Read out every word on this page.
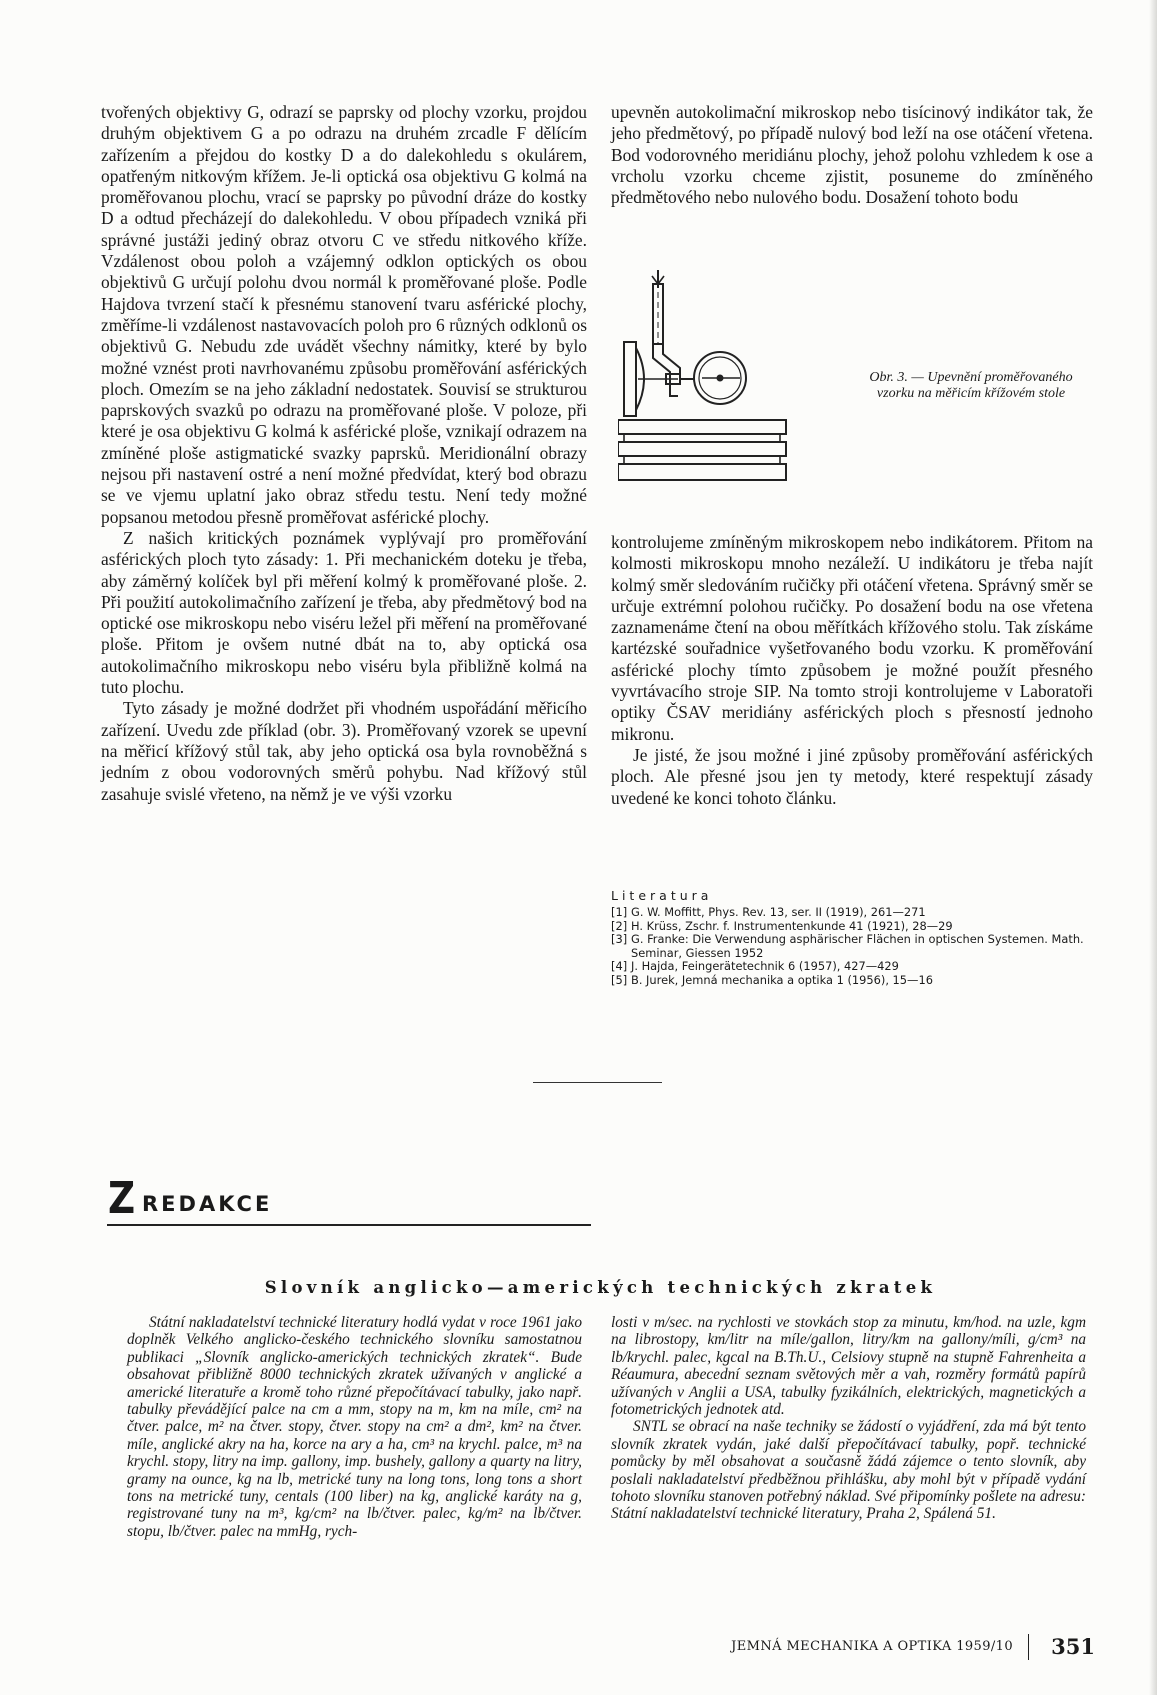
tvořených objektivy G, odrazí se paprsky od plochy vzorku, projdou druhým objektivem G a po odrazu na druhém zrcadle F dělícím zařízením a přejdou do kostky D a do dalekohledu s okulárem, opatřeným nitkovým křížem. Je-li optická osa objektivu G kolmá na proměřovanou plochu, vrací se paprsky po původní dráze do kostky D a odtud přecházejí do dalekohledu. V obou případech vzniká při správné justáži jediný obraz otvoru C ve středu nitkového kříže. Vzdálenost obou poloh a vzájemný odklon optických os obou objektivů G určují polohu dvou normál k proměřované ploše. Podle Hajdova tvrzení stačí k přesnému stanovení tvaru asférické plochy, změříme-li vzdálenost nastavovacích poloh pro 6 různých odklonů os objektivů G. Nebudu zde uvádět všechny námitky, které by bylo možné vznést proti navrhovanému způsobu proměřování asférických ploch. Omezím se na jeho základní nedostatek. Souvisí se strukturou paprskových svazků po odrazu na proměřované ploše. V poloze, při které je osa objektivu G kolmá k asférické ploše, vznikají odrazem na zmíněné ploše astigmatické svazky paprsků. Meridionální obrazy nejsou při nastavení ostré a není možné předvídat, který bod obrazu se ve vjemu uplatní jako obraz středu testu. Není tedy možné popsanou metodou přesně proměřovat asférické plochy.

Z našich kritických poznámek vyplývají pro proměřování asférických ploch tyto zásady: 1. Při mechanickém doteku je třeba, aby záměrný kolíček byl při měření kolmý k proměřované ploše. 2. Při použití autokolimačního zařízení je třeba, aby předmětový bod na optické ose mikroskopu nebo viséru ležel při měření na proměřované ploše. Přitom je ovšem nutné dbát na to, aby optická osa autokolimačního mikroskopu nebo viséru byla přibližně kolmá na tuto plochu.

Tyto zásady je možné dodržet při vhodném uspořádání měřicího zařízení. Uvedu zde příklad (obr. 3). Proměřovaný vzorek se upevní na měřicí křížový stůl tak, aby jeho optická osa byla rovnoběžná s jedním z obou vodorovných směrů pohybu. Nad křížový stůl zasahuje svislé vřeteno, na němž je ve výši vzorku

upevněn autokolimační mikroskop nebo tisícinový indikátor tak, že jeho předmětový, po případě nulový bod leží na ose otáčení vřetena. Bod vodorovného meridiánu plochy, jehož polohu vzhledem k ose a vrcholu vzorku chceme zjistit, posuneme do zmíněného předmětového nebo nulového bodu. Dosažení tohoto bodu

Obr. 3. — Upevnění proměřovaného vzorku na měřicím křížovém stole

kontrolujeme zmíněným mikroskopem nebo indikátorem. Přitom na kolmosti mikroskopu mnoho nezáleží. U indikátoru je třeba najít kolmý směr sledováním ručičky při otáčení vřetena. Správný směr se určuje extrémní polohou ručičky. Po dosažení bodu na ose vřetena zaznamenáme čtení na obou měřítkách křížového stolu. Tak získáme kartézské souřadnice vyšetřovaného bodu vzorku. K proměřování asférické plochy tímto způsobem je možné použít přesného vyvrtávacího stroje SIP. Na tomto stroji kontrolujeme v Laboratoři optiky ČSAV meridiány asférických ploch s přesností jednoho mikronu.

Je jisté, že jsou možné i jiné způsoby proměřování asférických ploch. Ale přesné jsou jen ty metody, které respektují zásady uvedené ke konci tohoto článku.

Literatura
[1] G. W. Moffitt, Phys. Rev. 13, ser. II (1919), 261—271
[2] H. Krüss, Zschr. f. Instrumentenkunde 41 (1921), 28—29
[3] G. Franke: Die Verwendung asphärischer Flächen in optischen Systemen. Math. Seminar, Giessen 1952
[4] J. Hajda, Feingerätetechnik 6 (1957), 427—429
[5] B. Jurek, Jemná mechanika a optika 1 (1956), 15—16
Z REDAKCE
Slovník anglicko—amerických technických zkratek

Státní nakladatelství technické literatury hodlá vydat v roce 1961 jako doplněk Velkého anglicko-českého technického slovníku samostatnou publikaci „Slovník anglicko-amerických technických zkratek“. Bude obsahovat přibližně 8000 technických zkratek užívaných v anglické a americké literatuře a kromě toho různé přepočítávací tabulky, jako např. tabulky převádějící palce na cm a mm, stopy na m, km na míle, cm² na čtver. palce, m² na čtver. stopy, čtver. stopy na cm² a dm², km² na čtver. míle, anglické akry na ha, korce na ary a ha, cm³ na krychl. palce, m³ na krychl. stopy, litry na imp. gallony, imp. bushely, gallony a quarty na litry, gramy na ounce, kg na lb, metrické tuny na long tons, long tons a short tons na metrické tuny, centals (100 liber) na kg, anglické karáty na g, registrované tuny na m³, kg/cm² na lb/čtver. palec, kg/m² na lb/čtver. stopu, lb/čtver. palec na mmHg, rych-

losti v m/sec. na rychlosti ve stovkách stop za minutu, km/hod. na uzle, kgm na librostopy, km/litr na míle/gallon, litry/km na gallony/míli, g/cm³ na lb/krychl. palec, kgcal na B.Th.U., Celsiovy stupně na stupně Fahrenheita a Réaumura, abecední seznam světových měr a vah, rozměry formátů papírů užívaných v Anglii a USA, tabulky fyzikálních, elektrických, magnetických a fotometrických jednotek atd.

SNTL se obrací na naše techniky se žádostí o vyjádření, zda má být tento slovník zkratek vydán, jaké další přepočítávací tabulky, popř. technické pomůcky by měl obsahovat a současně žádá zájemce o tento slovník, aby poslali nakladatelství předběžnou přihlášku, aby mohl být v případě vydání tohoto slovníku stanoven potřebný náklad. Své připomínky pošlete na adresu: Státní nakladatelství technické literatury, Praha 2, Spálená 51.

JEMNÁ MECHANIKA A OPTIKA 1959/10 351
